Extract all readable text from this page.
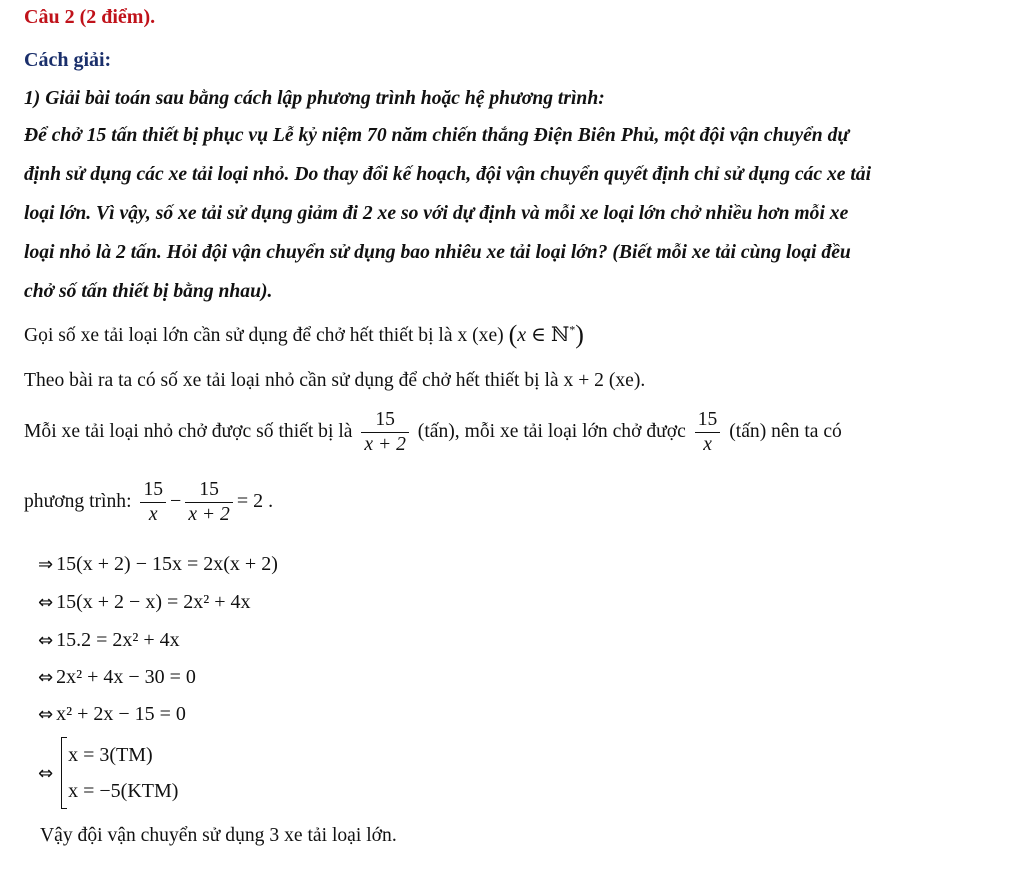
Câu 2 (2 điểm).
Cách giải:
1) Giải bài toán sau bằng cách lập phương trình hoặc hệ phương trình:
Để chở 15 tấn thiết bị phục vụ Lễ kỷ niệm 70 năm chiến thắng Điện Biên Phủ, một đội vận chuyển dự
định sử dụng các xe tải loại nhỏ. Do thay đổi kế hoạch, đội vận chuyển quyết định chỉ sử dụng các xe tải
loại lớn. Vì vậy, số xe tải sử dụng giảm đi 2 xe so với dự định và mỗi xe loại lớn chở nhiều hơn mỗi xe
loại nhỏ là 2 tấn. Hỏi đội vận chuyển sử dụng bao nhiêu xe tải loại lớn? (Biết mỗi xe tải cùng loại đều
chở số tấn thiết bị bằng nhau).
Gọi số xe tải loại lớn cần sử dụng để chở hết thiết bị là x (xe) (x ∈ ℕ*)
Theo bài ra ta có số xe tải loại nhỏ cần sử dụng để chở hết thiết bị là x + 2 (xe).
Mỗi xe tải loại nhỏ chở được số thiết bị là $\frac{15}{x + 2}$ (tấn), mỗi xe tải loại lớn chở được $\frac{15}{x}$ (tấn) nên ta có
phương trình: $\frac{15}{x} - \frac{15}{x + 2} = 2$ .
⇒ 15(x + 2) − 15x = 2x(x + 2)
⇔ 15(x + 2 − x) = 2x² + 4x
⇔ 15.2 = 2x² + 4x
⇔ 2x² + 4x − 30 = 0
⇔ x² + 2x − 15 = 0
⇔
x = 3(TM)
x = −5(KTM)
Vậy đội vận chuyển sử dụng 3 xe tải loại lớn.
